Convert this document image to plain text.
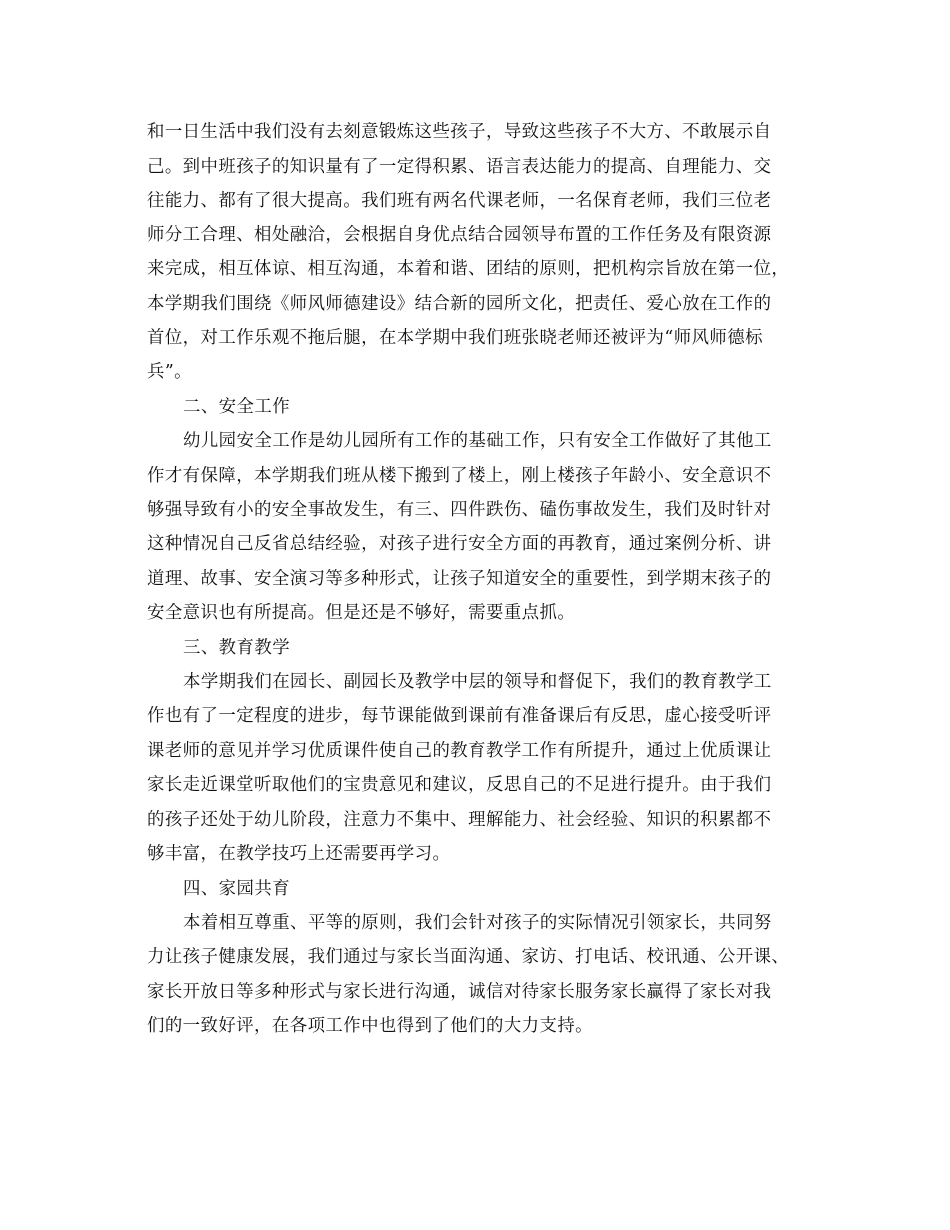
和一日生活中我们没有去刻意锻炼这些孩子，导致这些孩子不大方、不敢展示自

己。到中班孩子的知识量有了一定得积累、语言表达能力的提高、自理能力、交

往能力、都有了很大提高。我们班有两名代课老师，一名保育老师，我们三位老

师分工合理、相处融洽，会根据自身优点结合园领导布置的工作任务及有限资源

来完成，相互体谅、相互沟通，本着和谐、团结的原则，把机构宗旨放在第一位，

本学期我们围绕《师风师德建设》结合新的园所文化，把责任、爱心放在工作的

首位，对工作乐观不拖后腿，在本学期中我们班张晓老师还被评为“师风师德标

兵”。

二、安全工作

幼儿园安全工作是幼儿园所有工作的基础工作，只有安全工作做好了其他工

作才有保障，本学期我们班从楼下搬到了楼上，刚上楼孩子年龄小、安全意识不

够强导致有小的安全事故发生，有三、四件跌伤、磕伤事故发生，我们及时针对

这种情况自己反省总结经验，对孩子进行安全方面的再教育，通过案例分析、讲

道理、故事、安全演习等多种形式，让孩子知道安全的重要性，到学期末孩子的

安全意识也有所提高。但是还是不够好，需要重点抓。

三、教育教学

本学期我们在园长、副园长及教学中层的领导和督促下，我们的教育教学工

作也有了一定程度的进步，每节课能做到课前有准备课后有反思，虚心接受听评

课老师的意见并学习优质课件使自己的教育教学工作有所提升，通过上优质课让

家长走近课堂听取他们的宝贵意见和建议，反思自己的不足进行提升。由于我们

的孩子还处于幼儿阶段，注意力不集中、理解能力、社会经验、知识的积累都不

够丰富，在教学技巧上还需要再学习。

四、家园共育

本着相互尊重、平等的原则，我们会针对孩子的实际情况引领家长，共同努

力让孩子健康发展，我们通过与家长当面沟通、家访、打电话、校讯通、公开课、

家长开放日等多种形式与家长进行沟通，诚信对待家长服务家长赢得了家长对我

们的一致好评，在各项工作中也得到了他们的大力支持。
